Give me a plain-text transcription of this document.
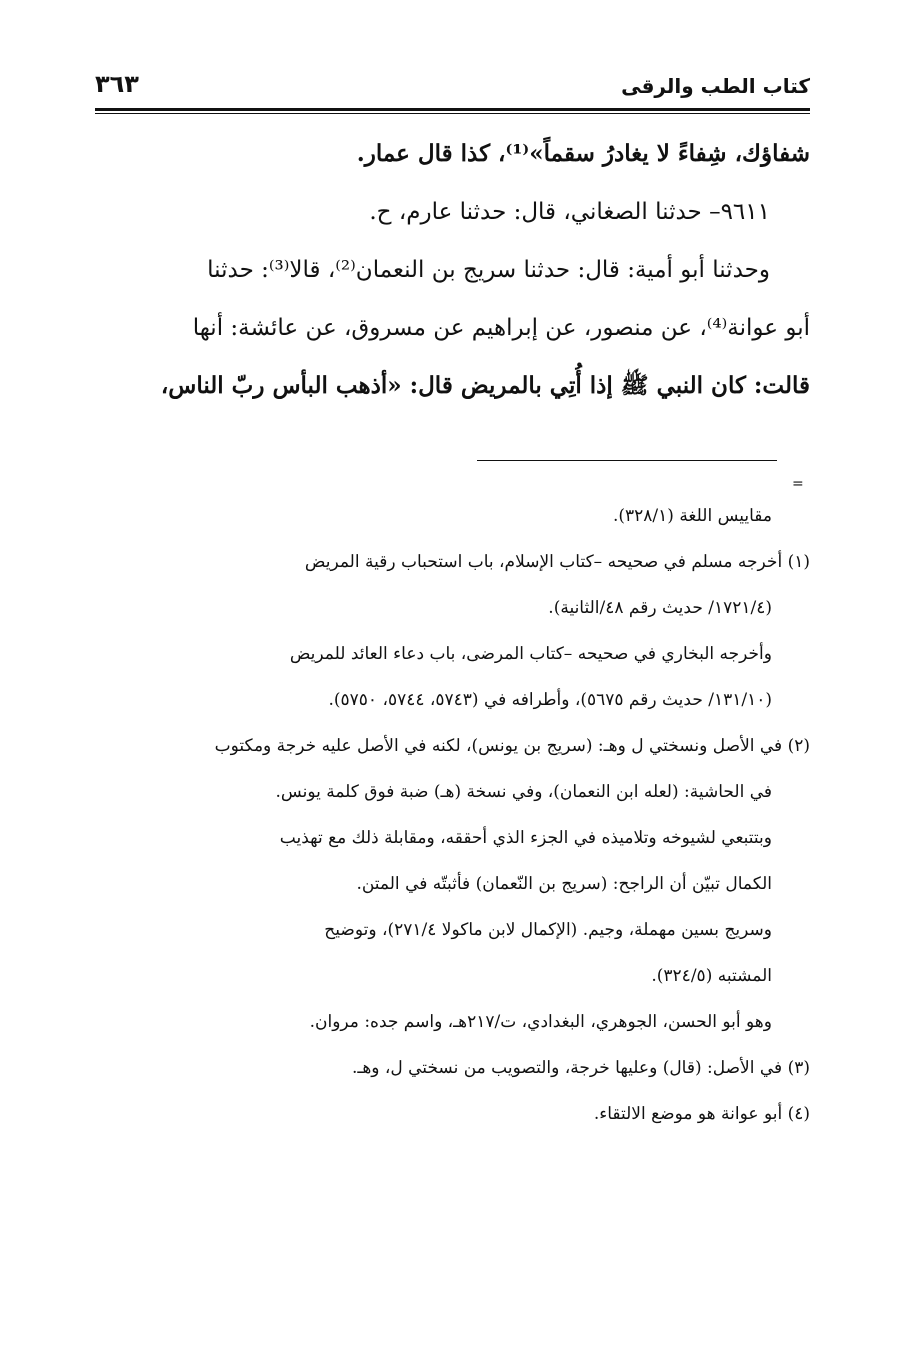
كتاب الطب والرقى
٣٦٣
شفاؤك، شِفاءً لا يغادرُ سقماً»⁽¹⁾، كذا قال عمار.
٩٦١١– حدثنا الصغاني، قال: حدثنا عارم، ح.
وحدثنا أبو أمية: قال: حدثنا سريج بن النعمان⁽²⁾، قالا⁽³⁾: حدثنا
أبو عوانة⁽⁴⁾، عن منصور، عن إبراهيم عن مسروق، عن عائشة: أنها
قالت: كان النبي ﷺ إذا أُتِي بالمريض قال: «أذهب البأس ربّ الناس،
=
مقاييس اللغة (٣٢٨/١).
(١) أخرجه مسلم في صحيحه –كتاب الإسلام، باب استحباب رقية المريض
(١٧٢١/٤/ حديث رقم ٤٨/الثانية).
وأخرجه البخاري في صحيحه –كتاب المرضى، باب دعاء العائد للمريض
(١٣١/١٠/ حديث رقم ٥٦٧٥)، وأطرافه في (٥٧٤٣، ٥٧٤٤، ٥٧٥٠).
(٢) في الأصل ونسختي ل وهـ: (سريج بن يونس)، لكنه في الأصل عليه خرجة ومكتوب
في الحاشية: (لعله ابن النعمان)، وفي نسخة (هـ) ضبة فوق كلمة يونس.
وبتتبعي لشيوخه وتلاميذه في الجزء الذي أحققه، ومقابلة ذلك مع تهذيب
الكمال تبيّن أن الراجح: (سريج بن النّعمان) فأثبتّه في المتن.
وسريج بسين مهملة، وجيم. (الإكمال لابن ماكولا ٢٧١/٤)، وتوضيح
المشتبه (٣٢٤/٥).
وهو أبو الحسن، الجوهري، البغدادي، ت/٢١٧هـ، واسم جده: مروان.
(٣) في الأصل: (قال) وعليها خرجة، والتصويب من نسختي ل، وهـ.
(٤) أبو عوانة هو موضع الالتقاء.
